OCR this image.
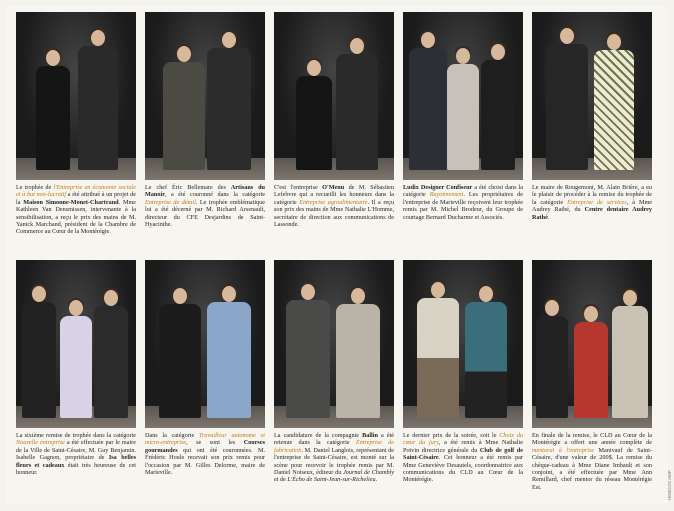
Le trophée de l'Entreprise en économie sociale et à but non-lucratif a été attribué à un projet de la Maison Simonne-Monet-Chartrand. Mme Kathleen Van Densmissen, intervenante à la sensibilisation, a reçu le prix des mains de M. Yanick Marchand, président de la Chambre de Commerce au Cœur de la Montérégie.
Le chef Éric Bellemare des Artisans du Manoir, a été couronné dans la catégorie Entreprise de détail. Le trophée emblématique lui a été décerné par M. Richard Arsenault, directeur du CFE Desjardins de Saint-Hyacinthe.
C'est l'entreprise O'Menu de M. Sébastien Lefebvre qui a recueilli les honneurs dans la catégorie Entreprise agroalimentaire. Il a reçu son prix des mains de Mme Nathalie L'Homme, secrétaire de direction aux communications de Lassonde.
Ludix Designer Confiseur a été choisi dans la catégorie Rayonnement. Les propriétaires de l'entreprise de Marieville reçoivent leur trophée remis par M. Michel Brodeur, du Groupe de courtage Bernard Ducharme et Associés.
Le maire de Rougemont, M. Alain Brière, a eu le plaisir de procéder à la remise du trophée de la catégorie Entreprise de services, à Mme Audrey Rathé, du Centre dentaire Audrey Rathé.
La sixième remise de trophée dans la catégorie Nouvelle entreprise a été effectuée par le maire de la Ville de Saint-Césaire, M. Guy Benjamin. Isabelle Gagnon, propriétaire de Isa belles fleurs et cadeaux était très heureuse de cet honneur.
Dans la catégorie Travailleur autonome et micro-entreprise, se sont les Courses gourmandes qui ont été couronnées. M. Frédéric Houle recevait son prix remis pour l'occasion par M. Gilles Delorme, maire de Marieville.
La candidature de la compagnie Ballin a été retenue dans la catégorie Entreprise de fabrication. M. Daniel Langlois, représentant de l'entreprise de Saint-Césaire, est monté sur la scène pour recevoir le trophée remis par M. Daniel Noiseux, éditeur du Journal de Chambly et de L'Écho de Saint-Jean-sur-Richelieu.
Le dernier prix de la soirée, soit le Choix du cœur du jury, a été remis à Mme Nathalie Potvin directrice générale du Club de golf de Saint-Césaire. Cet honneur a été remis par Mme Geneviève Desautels, coordonnatrice aux communications du CLD au Cœur de la Montérégie.
En finale de la remise, le CLD au Cœur de la Montérégie a offert une année complète de mentorat à l'entreprise Manivauf de Saint-Césaire, d'une valeur de 200$. La remise du chèque-cadeau à Mme Diane Imbault et son conjoint, a été effectuée par Mme Ann Remillard, chef mentor du réseau Montérégie Est.	HEBDOS AMP
